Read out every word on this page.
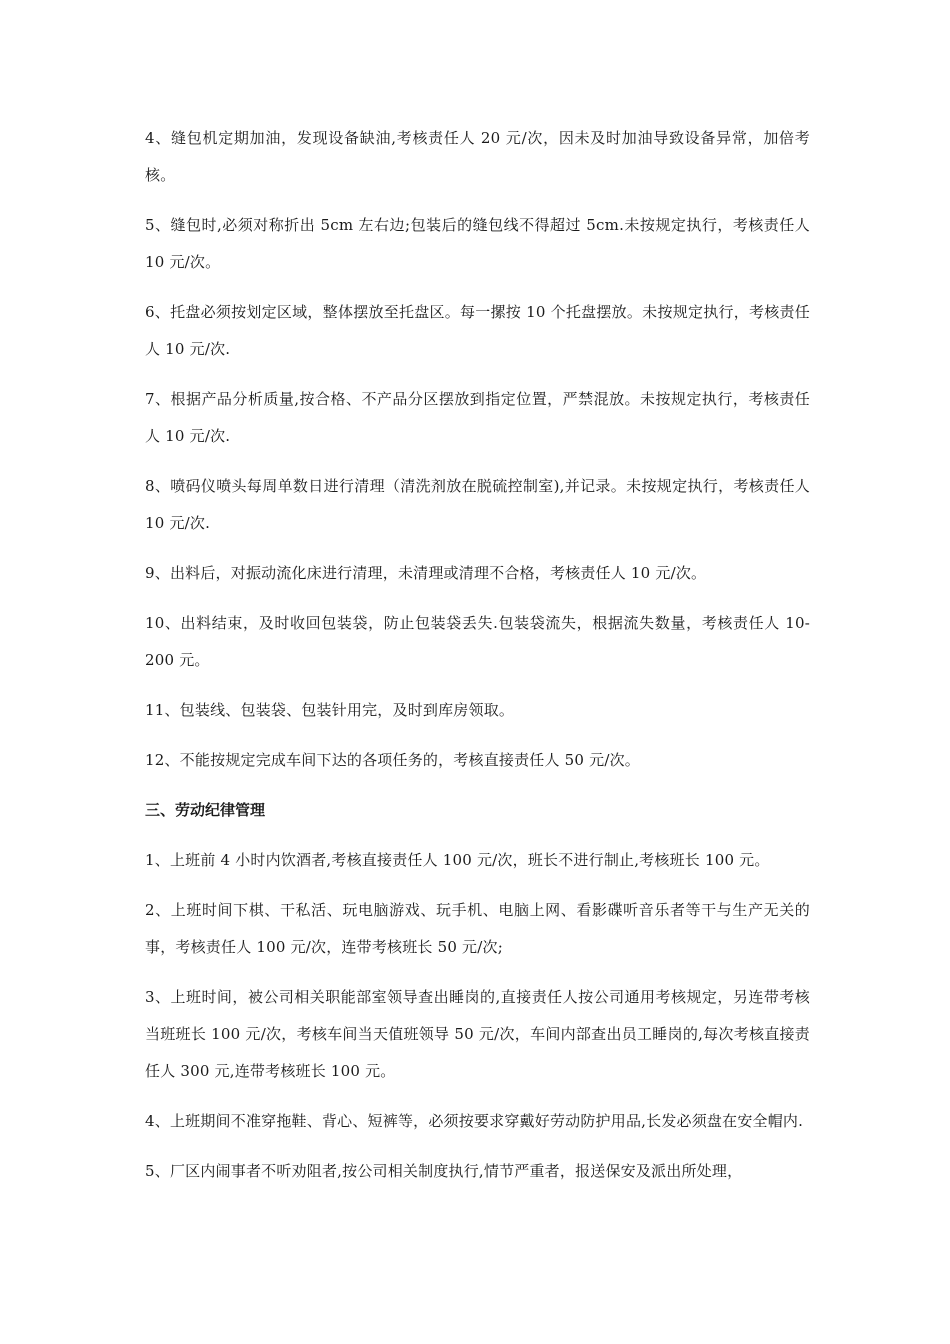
4、缝包机定期加油，发现设备缺油,考核责任人 20 元/次，因未及时加油导致设备异常，加倍考核。

5、缝包时,必须对称折出 5cm 左右边;包装后的缝包线不得超过 5cm.未按规定执行，考核责任人 10 元/次。

6、托盘必须按划定区域，整体摆放至托盘区。每一摞按 10 个托盘摆放。未按规定执行，考核责任人 10 元/次.

7、根据产品分析质量,按合格、不产品分区摆放到指定位置，严禁混放。未按规定执行，考核责任人 10 元/次.

8、喷码仪喷头每周单数日进行清理（清洗剂放在脱硫控制室),并记录。未按规定执行，考核责任人 10 元/次.

9、出料后，对振动流化床进行清理，未清理或清理不合格，考核责任人 10 元/次。

10、出料结束，及时收回包装袋，防止包装袋丢失.包装袋流失，根据流失数量，考核责任人 10-200 元。

11、包装线、包装袋、包装针用完，及时到库房领取。

12、不能按规定完成车间下达的各项任务的，考核直接责任人 50 元/次。

三、劳动纪律管理

1、上班前 4 小时内饮酒者,考核直接责任人 100 元/次，班长不进行制止,考核班长 100 元。

2、上班时间下棋、干私活、玩电脑游戏、玩手机、电脑上网、看影碟听音乐者等干与生产无关的事，考核责任人 100 元/次，连带考核班长 50 元/次;

3、上班时间，被公司相关职能部室领导查出睡岗的,直接责任人按公司通用考核规定，另连带考核当班班长 100 元/次，考核车间当天值班领导 50 元/次，车间内部查出员工睡岗的,每次考核直接责任人 300 元,连带考核班长 100 元。

4、上班期间不准穿拖鞋、背心、短裤等，必须按要求穿戴好劳动防护用品,长发必须盘在安全帽内.

5、厂区内闹事者不听劝阻者,按公司相关制度执行,情节严重者，报送保安及派出所处理，
